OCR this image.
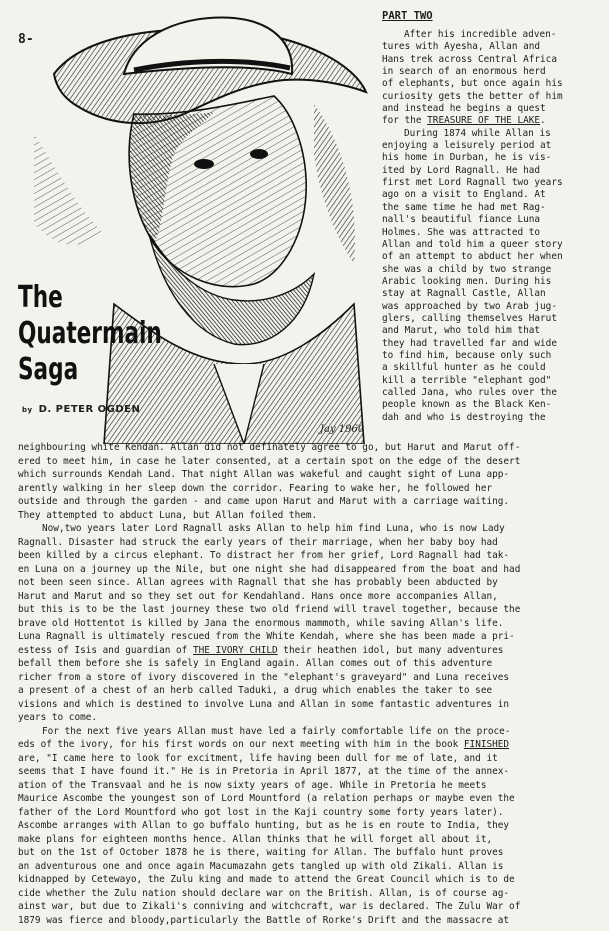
8-
PART TWO
Jay 1960
The
Quatermain
Saga
by D. PETER OGDEN
After his incredible adven-
tures with Ayesha, Allan and
Hans trek across Central Africa
in search of an enormous herd
of elephants, but once again his
curiosity gets the better of him
and instead he begins a quest
for the TREASURE OF THE LAKE.
During 1874 while Allan is
enjoying a leisurely period at
his home in Durban, he is vis-
ited by Lord Ragnall. He had
first met Lord Ragnall two years
ago on a visit to England. At
the same time he had met Rag-
nall's beautiful fiance Luna
Holmes. She was attracted to
Allan and told him a queer story
of an attempt to abduct her when
she was a child by two strange
Arabic looking men. During his
stay at Ragnall Castle, Allan
was approached by two Arab jug-
glers, calling themselves Harut
and Marut, who told him that
they had travelled far and wide
to find him, because only such
a skillful hunter as he could
kill a terrible "elephant god"
called Jana, who rules over the
people known as the Black Ken-
dah and who is destroying the
neighbouring white Kendan. Allan did not definately agree to go, but Harut and Marut off-
ered to meet him, in case he later consented, at a certain spot on the edge of the desert
which surrounds Kendah Land. That night Allan was wakeful and caught sight of Luna app-
arently walking in her sleep down the corridor. Fearing to wake her, he followed her
outside and through the garden - and came upon Harut and Marut with a carriage waiting.
They attempted to abduct Luna, but Allan foiled them.
Now,two years later Lord Ragnall asks Allan to help him find Luna, who is now Lady
Ragnall. Disaster had struck the early years of their marriage, when her baby boy had
been killed by a circus elephant. To distract her from her grief, Lord Ragnall had tak-
en Luna on a journey up the Nile, but one night she had disappeared from the boat and had
not been seen since. Allan agrees with Ragnall that she has probably been abducted by
Harut and Marut and so they set out for Kendahland. Hans once more accompanies Allan,
but this is to be the last journey these two old friend will travel together, because the
brave old Hottentot is killed by Jana the enormous mammoth, while saving Allan's life.
Luna Ragnall is ultimately rescued from the White Kendah, where she has been made a pri-
estess of Isis and guardian of THE IVORY CHILD their heathen idol, but many adventures
befall them before she is safely in England again. Allan comes out of this adventure
richer from a store of ivory discovered in the "elephant's graveyard" and Luna receives
a present of a chest of an herb called Taduki, a drug which enables the taker to see
visions and which is destined to involve Luna and Allan in some fantastic adventures in
years to come.
For the next five years Allan must have led a fairly comfortable life on the proce-
eds of the ivory, for his first words on our next meeting with him in the book FINISHED
are, "I came here to look for excitment, life having been dull for me of late, and it
seems that I have found it." He is in Pretoria in April 1877, at the time of the annex-
ation of the Transvaal and he is now sixty years of age. While in Pretoria he meets
Maurice Ascombe the youngest son of Lord Mountford (a relation perhaps or maybe even the
father of the Lord Mountford who got lost in the Kaji country some forty years later).
Ascombe arranges with Allan to go buffalo hunting, but as he is en route to India, they
make plans for eighteen months hence. Allan thinks that he will forget all about it,
but on the 1st of October 1878 he is there, waiting for Allan. The buffalo hunt proves
an adventurous one and once again Macumazahn gets tangled up with old Zikali. Allan is
kidnapped by Cetewayo, the Zulu king and made to attend the Great Council which is to de
cide whether the Zulu nation should declare war on the British. Allan, is of course ag-
ainst war, but due to Zikali's conniving and witchcraft, war is declared. The Zulu War of
1879 was fierce and bloody,particularly the Battle of Rorke's Drift and the massacre at
